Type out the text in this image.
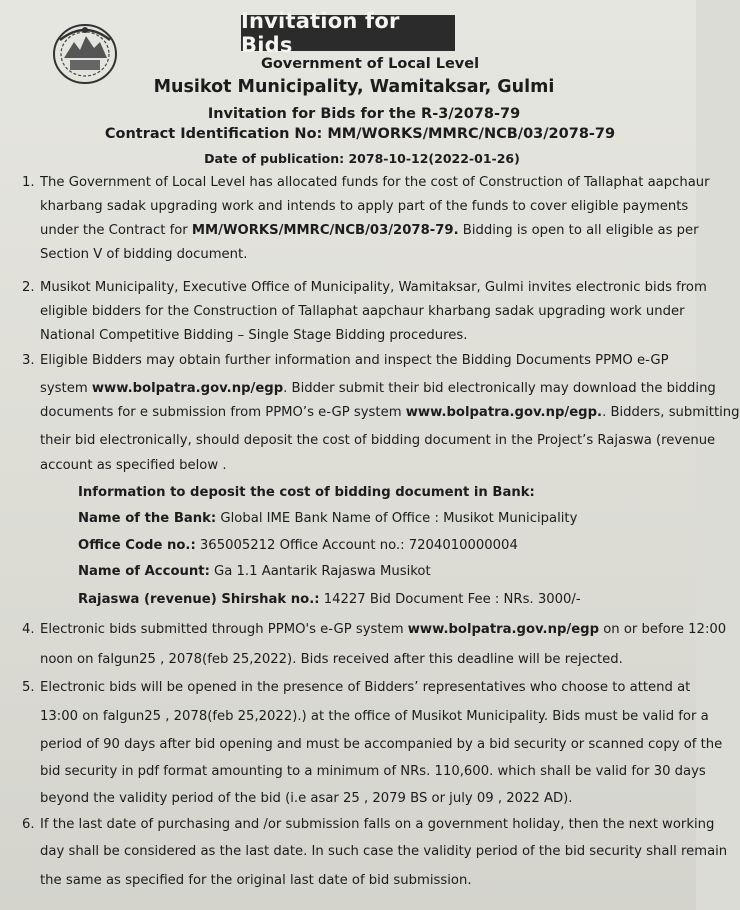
Invitation for Bids
Government of Local Level
Musikot Municipality, Wamitaksar, Gulmi
Invitation for Bids for the R-3/2078-79
Contract Identification No: MM/WORKS/MMRC/NCB/03/2078-79
Date of publication: 2078-10-12(2022-01-26)
1. The Government of Local Level has allocated funds for the cost of Construction of Tallaphat aapchaur
kharbang sadak upgrading work and intends to apply part of the funds to cover eligible payments
under the Contract for MM/WORKS/MMRC/NCB/03/2078-79. Bidding is open to all eligible as per
Section V of bidding document.
2. Musikot Municipality, Executive Office of Municipality, Wamitaksar, Gulmi invites electronic bids from
eligible bidders for the Construction of Tallaphat aapchaur kharbang sadak upgrading work under
National Competitive Bidding – Single Stage Bidding procedures.
3. Eligible Bidders may obtain further information and inspect the Bidding Documents PPMO e-GP
system www.bolpatra.gov.np/egp. Bidder submit their bid electronically may download the bidding
documents for e submission from PPMO’s e-GP system www.bolpatra.gov.np/egp.. Bidders, submitting
their bid electronically, should deposit the cost of bidding document in the Project’s Rajaswa (revenue
account as specified below .
Information to deposit the cost of bidding document in Bank:
Name of the Bank: Global IME Bank Name of Office : Musikot Municipality
Office Code no.: 365005212 Office Account no.: 7204010000004
Name of Account: Ga 1.1 Aantarik Rajaswa Musikot
Rajaswa (revenue) Shirshak no.: 14227 Bid Document Fee : NRs. 3000/-
4. Electronic bids submitted through PPMO's e-GP system www.bolpatra.gov.np/egp on or before 12:00
noon on falgun25 , 2078(feb 25,2022). Bids received after this deadline will be rejected.
5. Electronic bids will be opened in the presence of Bidders’ representatives who choose to attend at
13:00 on falgun25 , 2078(feb 25,2022).) at the office of Musikot Municipality. Bids must be valid for a
period of 90 days after bid opening and must be accompanied by a bid security or scanned copy of the
bid security in pdf format amounting to a minimum of NRs. 110,600. which shall be valid for 30 days
beyond the validity period of the bid (i.e asar 25 , 2079 BS or july 09 , 2022 AD).
6. If the last date of purchasing and /or submission falls on a government holiday, then the next working
day shall be considered as the last date. In such case the validity period of the bid security shall remain
the same as specified for the original last date of bid submission.
